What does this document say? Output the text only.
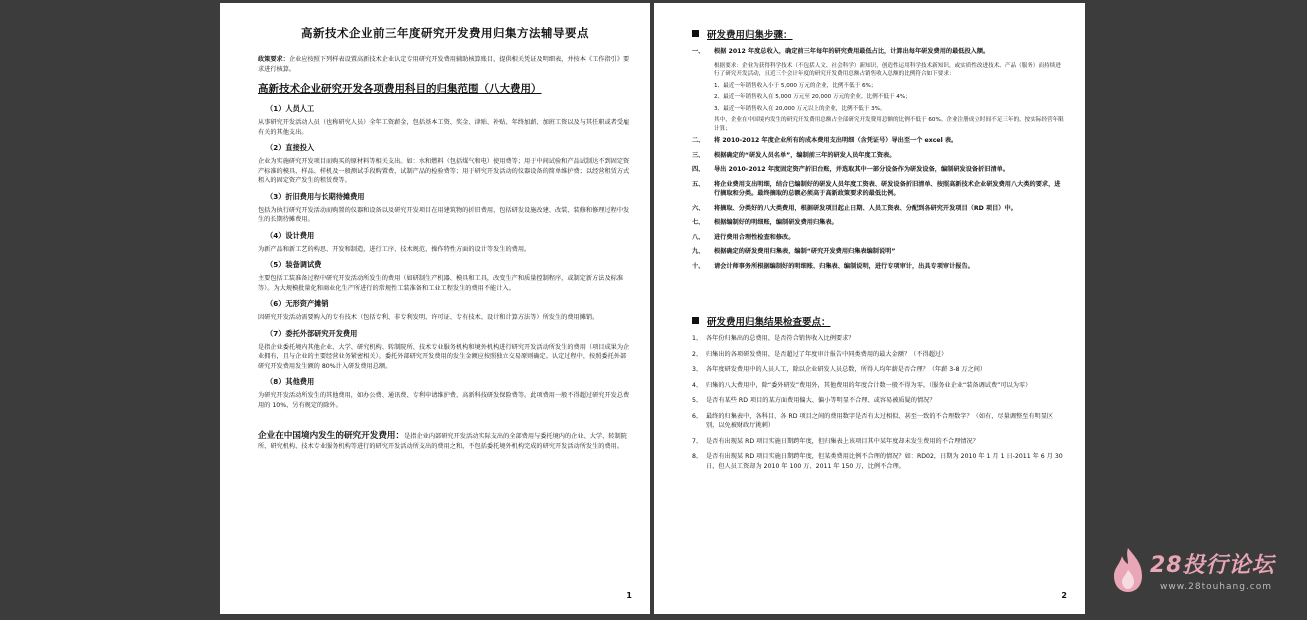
高新技术企业前三年度研究开发费用归集方法辅导要点
政策要求：企业应按照下列样表设置高新技术企业认定专用研究开发费用辅助核算账目，提供相关凭证及明细表，并按本《工作指引》要求进行核算。
高新技术企业研究开发各项费用科目的归集范围（八大费用）
（1）人员人工
从事研究开发活动人员（也称研究人员）全年工资薪金，包括基本工资、奖金、津贴、补贴、年终加薪、加班工资以及与其任职或者受雇有关的其他支出。
（2）直接投入
企业为实施研究开发项目而购买的原材料等相关支出。如：水和燃料（包括煤气和电）使用费等；用于中间试验和产品试制达不到固定资产标准的模具、样品、样机及一般测试手段购置费、试制产品的检验费等；用于研究开发活动的仪器设备的简单维护费；以经营租赁方式租入的固定资产发生的租赁费等。
（3）折旧费用与长期待摊费用
包括为执行研究开发活动而购置的仪器和设备以及研究开发项目在用建筑物的折旧费用，包括研发设施改建、改装、装修和修理过程中发生的长期待摊费用。
（4）设计费用
为新产品和新工艺的构思、开发和制造，进行工序、技术规范、操作特性方面的设计等发生的费用。
（5）装备调试费
主要包括工装准备过程中研究开发活动所发生的费用（如研制生产机器、模具和工具，改变生产和质量控制程序，或制定新方法及标准等）。为大规模批量化和商业化生产所进行的常规性工装准备和工业工程发生的费用不能计入。
（6）无形资产摊销
因研究开发活动需要购入的专有技术（包括专利、非专利发明、许可证、专有技术、设计和计算方法等）所发生的费用摊销。
（7）委托外部研究开发费用
是指企业委托境内其他企业、大学、研究机构、转制院所、技术专业服务机构和境外机构进行研究开发活动所发生的费用（项目成果为企业拥有，且与企业的主要经营业务紧密相关）。委托外部研究开发费用的发生金额应按照独立交易原则确定。认定过程中，按照委托外部研究开发费用发生额的 80%计入研发费用总额。
（8）其他费用
为研究开发活动所发生的其他费用，如办公费、通讯费、专利申请维护费、高新科技研发保险费等。此项费用一般不得超过研究开发总费用的 10%，另有规定的除外。
企业在中国境内发生的研究开发费用：是指企业内部研究开发活动实际支出的全部费用与委托境内的企业、大学、转制院所、研究机构、技术专业服务机构等进行的研究开发活动所支出的费用之和，不包括委托境外机构完成的研究开发活动所发生的费用。
1
研发费用归集步骤：
一、	根据 2012 年度总收入，确定前三年每年的研究费用最低占比，计算出每年研发费用的最低投入额。
根据要求：企业为获得科学技术（不包括人文、社会科学）新知识，创造性运用科学技术新知识，或实质性改进技术、产品（服务）而持续进行了研究开发活动，且近三个会计年度的研究开发费用总额占销售收入总额的比例符合如下要求：
1、最近一年销售收入小于 5,000 万元的企业，比例不低于 6%；
2、最近一年销售收入在 5,000 万元至 20,000 万元的企业，比例不低于 4%；
3、最近一年销售收入在 20,000 万元以上的企业，比例不低于 3%。
其中，企业在中国境内发生的研究开发费用总额占全部研究开发费用总额的比例不低于 60%。企业注册成立时间不足三年的，按实际经营年限计算；
二、	将 2010-2012 年度企业所有的成本费用支出明细（含凭证号）导出至一个 excel 表。
三、	根据确定的“研发人员名单”，编制前三年的研发人员年度工资表。
四、	导出 2010-2012 年度固定资产折旧台账，并选取其中一部分设备作为研发设备，编制研发设备折旧清单。
五、	将企业费用支出明细，结合已编制好的研发人员年度工资表、研发设备折旧清单、按照高新技术企业研发费用八大类的要求，进行摘取和分类。最终摘取的总额必须高于高新政策要求的最低比例。
六、	将摘取、分类好的八大类费用，根据研发项目起止日期、人员工资表、分配到各研究开发项目（RD 项目）中。
七、	根据编制好的明细账，编制研发费用归集表。
八、	进行费用合理性检查和修改。
九、	根据确定的研发费用归集表，编制“研究开发费用归集表编制说明”
十、	请会计师事务所根据编制好的明细账、归集表、编制说明，进行专项审计，出具专项审计报告。
研发费用归集结果检查要点：
1、 各年份归集出的总费用，是否符合销售收入比例要求？
2、 归集出的各项研发费用，是否超过了年度审计报告中同类费用的最大金额？（不得超过）
3、 各年度研发费用中的人员人工，除以企业研发人员总数，所得人均年薪是否合理？（年薪 3-8 万之间）
4、 归集的八大费用中，除“委外研发”费用外，其他费用的年度合计数一般不得为零。（服务业企业“装备调试费”可以为零）
5、 是否有某些 RD 项目的某方面费用偏大、偏小等明显不合理、或容易被质疑的情况？
6、 最终的归集表中，各科目、各 RD 项目之间的费用数字是否有太过相似、甚至一致的不合理数字？（如有，尽量调整至有明显区别，以免被财政厅挑刺）
7、 是否有出现某 RD 项目实施日期跨年度，但归集表上该项目其中某年度却未发生费用的不合理情况？
8、 是否有出现某 RD 项目实施日期跨年度，但某类费用比例不合理的情况？如：RD02，日期为 2010 年 1 月 1 日-2011 年 6 月 30 日，但人员工资却为 2010 年 100 万、2011 年 150 万，比例不合理。
2
28投行论坛
www.28touhang.com
